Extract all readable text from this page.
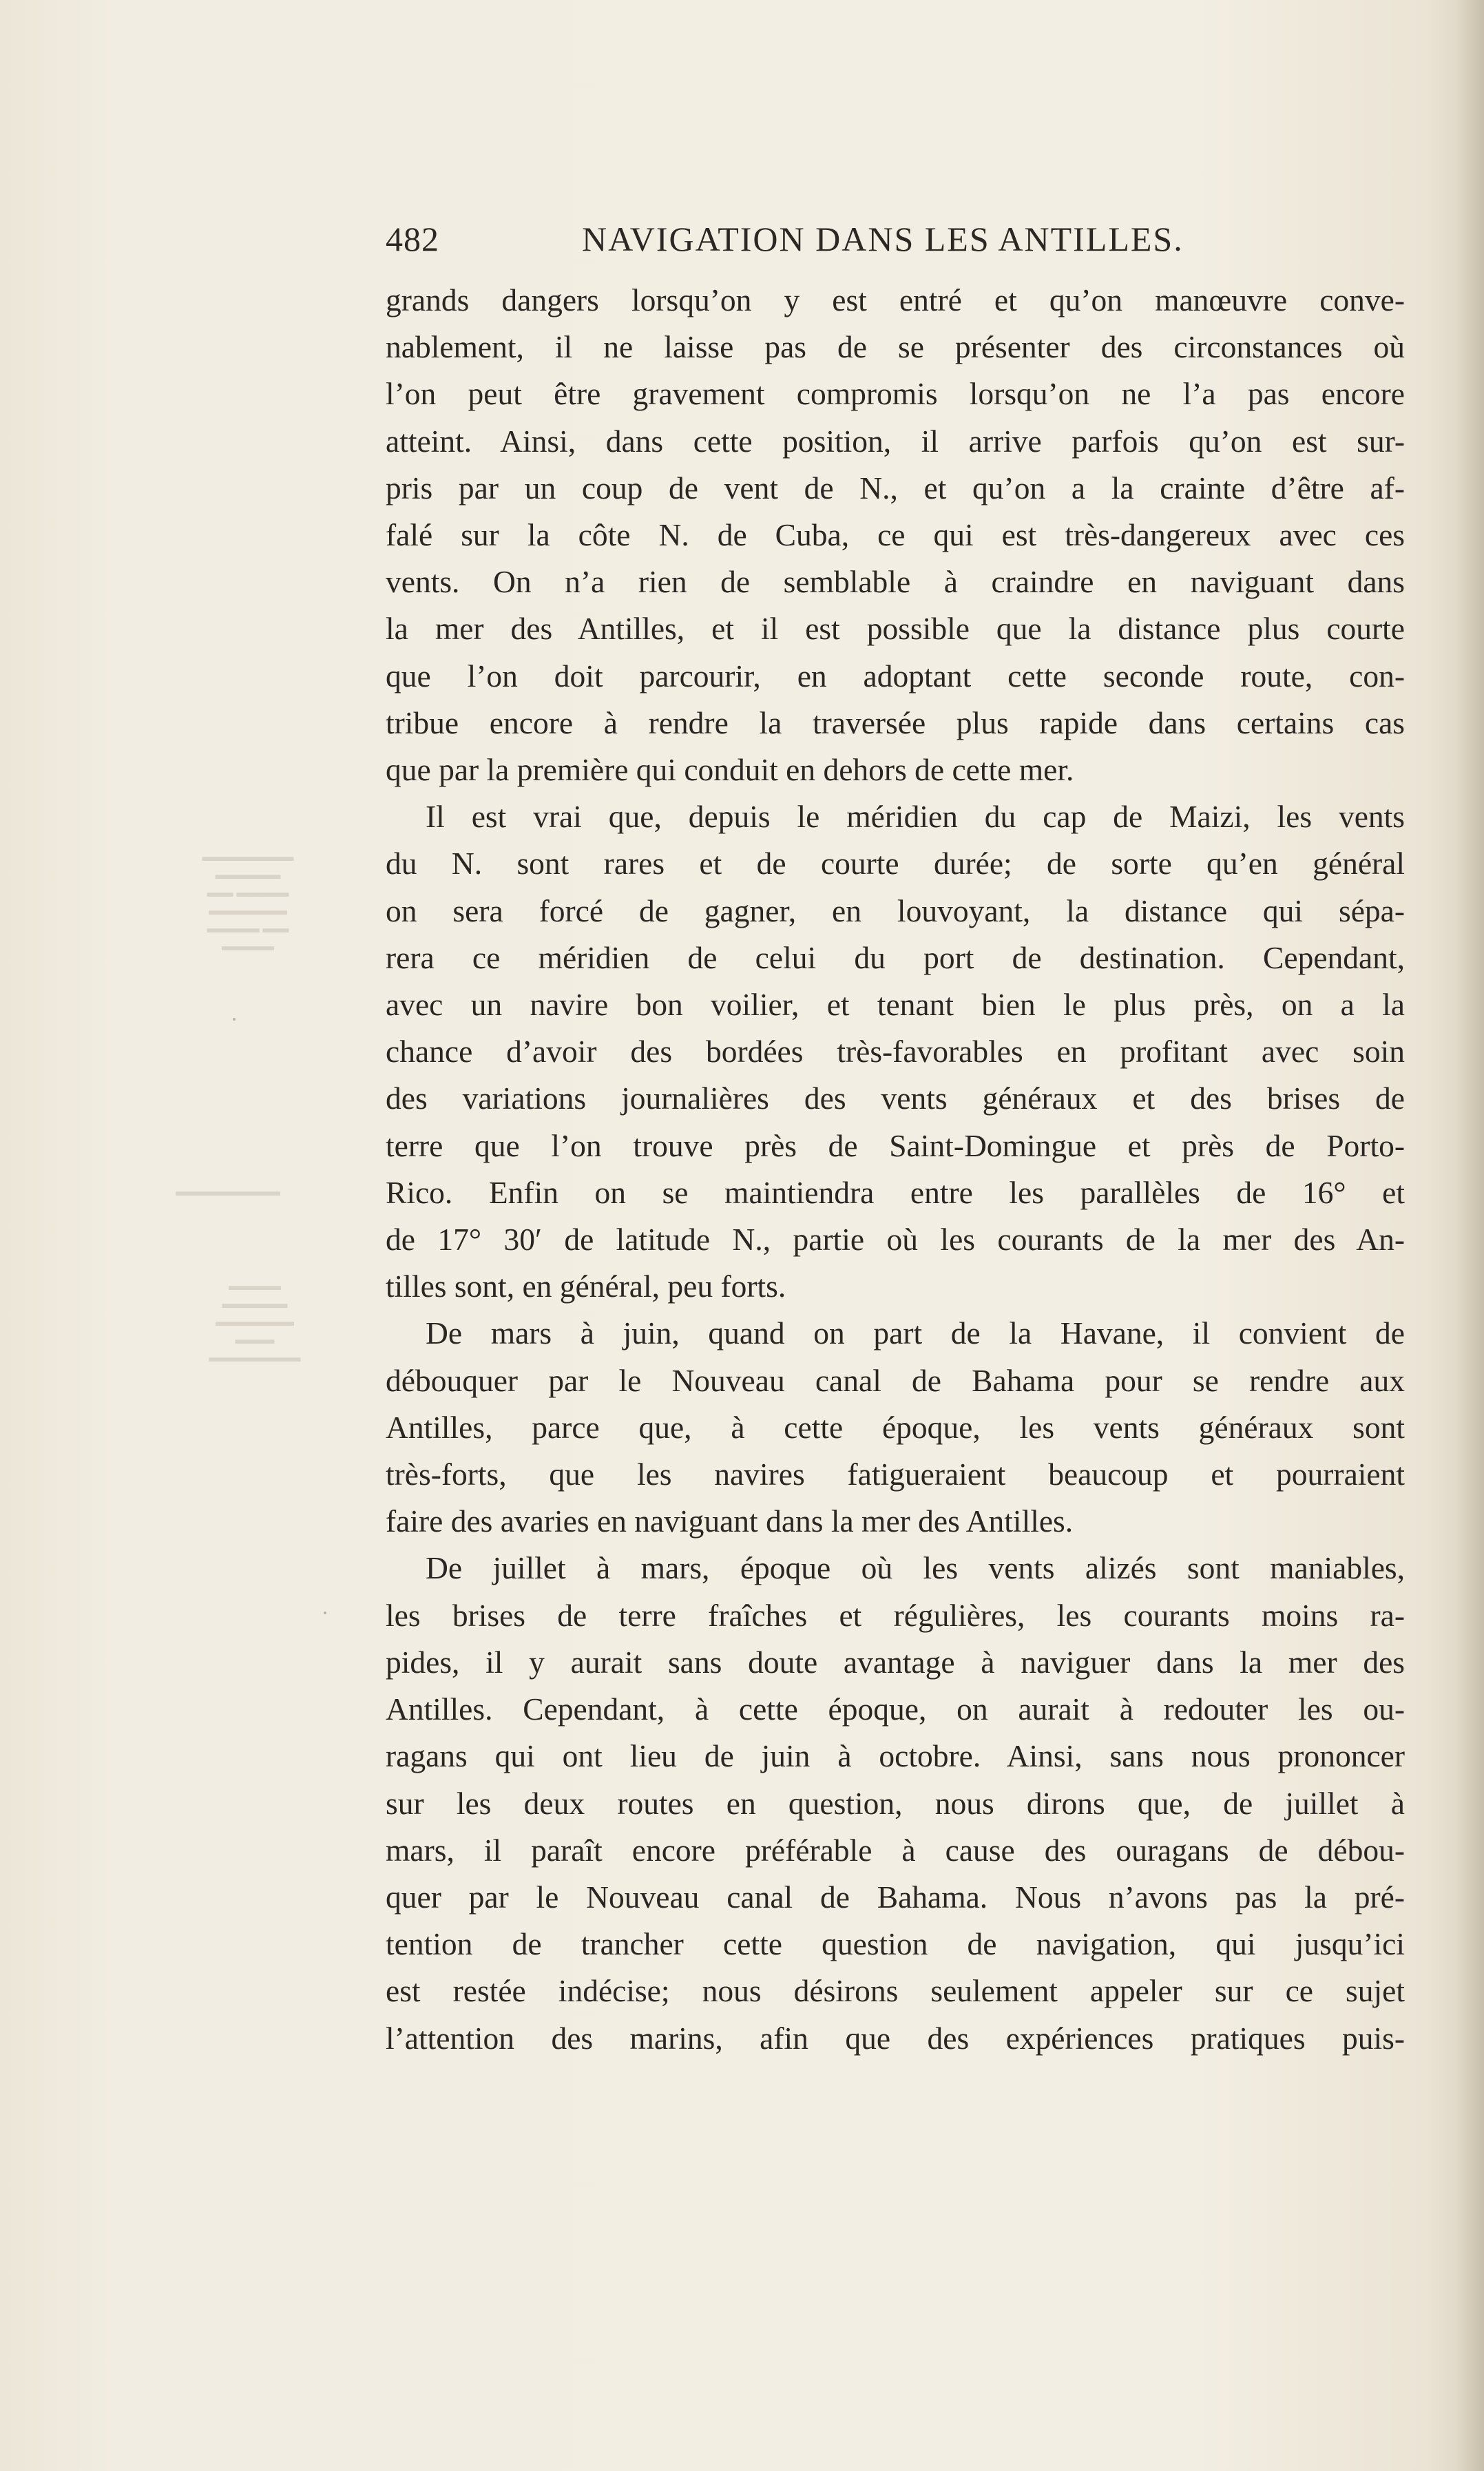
▬▬▬▬▬▬▬
▬▬▬▬▬
▬▬ ▬▬▬▬
▬▬▬▬▬▬
▬▬▬▬ ▬▬
▬▬▬▬
▬▬▬▬▬▬▬▬
▬▬▬▬
▬▬▬▬▬
▬▬▬▬▬▬
▬▬▬
▬▬▬▬▬▬▬
482	NAVIGATION DANS LES ANTILLES.

grands dangers lorsqu’on y est entré et qu’on manœuvre conve-

nablement, il ne laisse pas de se présenter des circonstances où

l’on peut être gravement compromis lorsqu’on ne l’a pas encore

atteint. Ainsi, dans cette position, il arrive parfois qu’on est sur-

pris par un coup de vent de N., et qu’on a la crainte d’être af-

falé sur la côte N. de Cuba, ce qui est très-dangereux avec ces

vents. On n’a rien de semblable à craindre en naviguant dans

la mer des Antilles, et il est possible que la distance plus courte

que l’on doit parcourir, en adoptant cette seconde route, con-

tribue encore à rendre la traversée plus rapide dans certains cas

que par la première qui conduit en dehors de cette mer.

Il est vrai que, depuis le méridien du cap de Maizi, les vents

du N. sont rares et de courte durée; de sorte qu’en général

on sera forcé de gagner, en louvoyant, la distance qui sépa-

rera ce méridien de celui du port de destination. Cependant,

avec un navire bon voilier, et tenant bien le plus près, on a la

chance d’avoir des bordées très-favorables en profitant avec soin

des variations journalières des vents généraux et des brises de

terre que l’on trouve près de Saint-Domingue et près de Porto-

Rico. Enfin on se maintiendra entre les parallèles de 16° et

de 17° 30′ de latitude N., partie où les courants de la mer des An-

tilles sont, en général, peu forts.

De mars à juin, quand on part de la Havane, il convient de

débouquer par le Nouveau canal de Bahama pour se rendre aux

Antilles, parce que, à cette époque, les vents généraux sont

très-forts, que les navires fatigueraient beaucoup et pourraient

faire des avaries en naviguant dans la mer des Antilles.

De juillet à mars, époque où les vents alizés sont maniables,

les brises de terre fraîches et régulières, les courants moins ra-

pides, il y aurait sans doute avantage à naviguer dans la mer des

Antilles. Cependant, à cette époque, on aurait à redouter les ou-

ragans qui ont lieu de juin à octobre. Ainsi, sans nous prononcer

sur les deux routes en question, nous dirons que, de juillet à

mars, il paraît encore préférable à cause des ouragans de débou-

quer par le Nouveau canal de Bahama. Nous n’avons pas la pré-

tention de trancher cette question de navigation, qui jusqu’ici

est restée indécise; nous désirons seulement appeler sur ce sujet

l’attention des marins, afin que des expériences pratiques puis-
